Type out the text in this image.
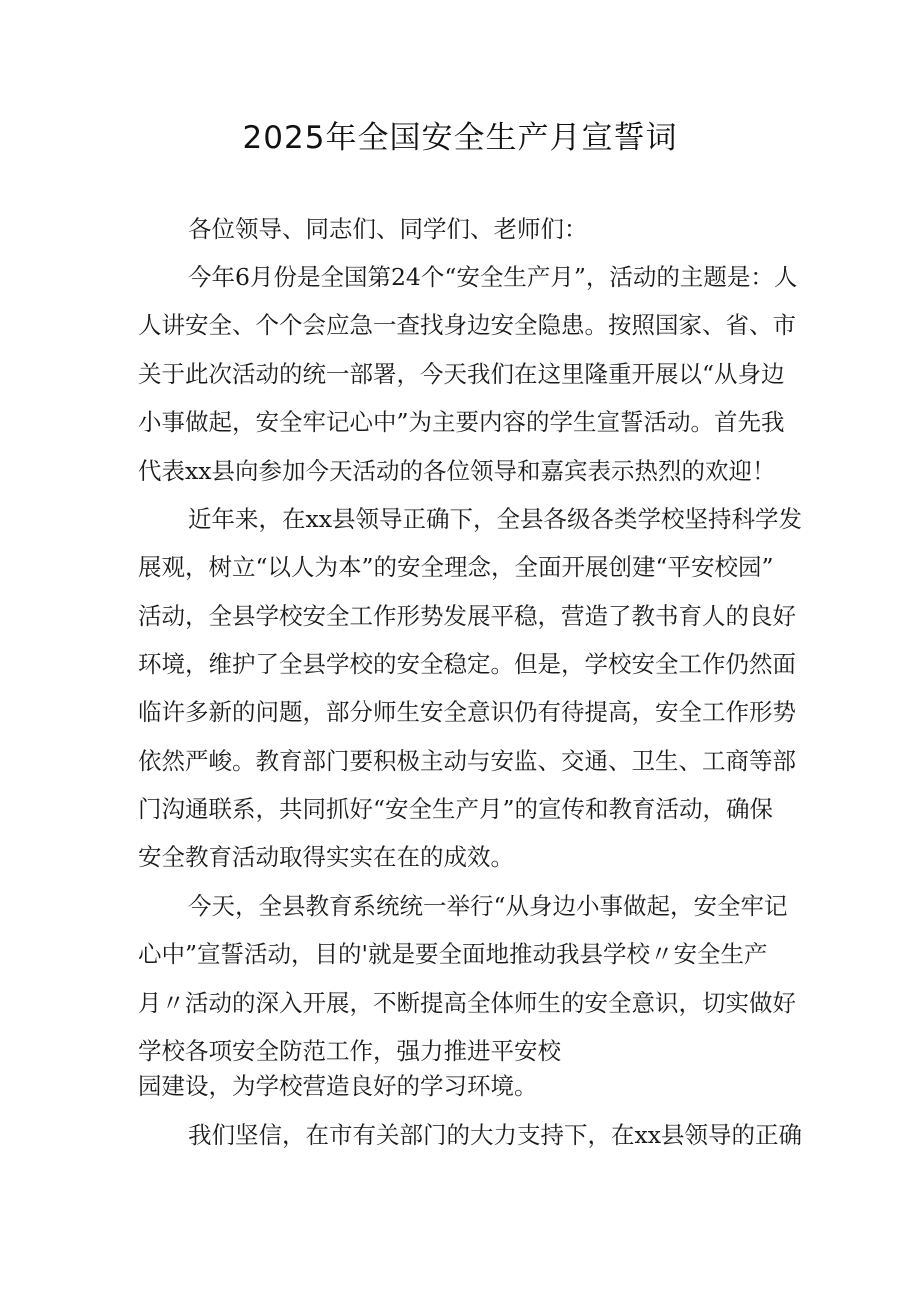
2025年全国安全生产月宣誓词
各位领导、同志们、同学们、老师们：
今年6月份是全国第24个“安全生产月”，活动的主题是：人
人讲安全、个个会应急一查找身边安全隐患。按照国家、省、市
关于此次活动的统一部署，今天我们在这里隆重开展以“从身边
小事做起，安全牢记心中”为主要内容的学生宣誓活动。首先我
代表xx县向参加今天活动的各位领导和嘉宾表示热烈的欢迎！
近年来，在xx县领导正确下，全县各级各类学校坚持科学发
展观，树立“以人为本”的安全理念，全面开展创建“平安校园”
活动，全县学校安全工作形势发展平稳，营造了教书育人的良好
环境，维护了全县学校的安全稳定。但是，学校安全工作仍然面
临许多新的问题，部分师生安全意识仍有待提高，安全工作形势
依然严峻。教育部门要积极主动与安监、交通、卫生、工商等部
门沟通联系，共同抓好“安全生产月”的宣传和教育活动，确保
安全教育活动取得实实在在的成效。
今天，全县教育系统统一举行“从身边小事做起，安全牢记
心中”宣誓活动，目的'就是要全面地推动我县学校〃安全生产
月〃活动的深入开展，不断提高全体师生的安全意识，切实做好
学校各项安全防范工作，强力推进平安校
园建设，为学校营造良好的学习环境。
我们坚信，在市有关部门的大力支持下，在xx县领导的正确
